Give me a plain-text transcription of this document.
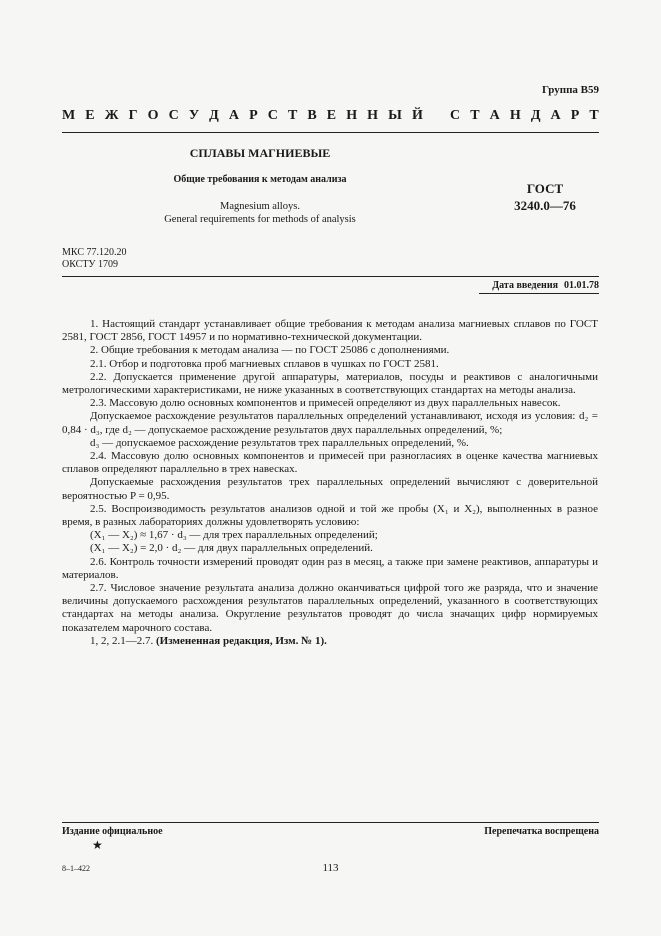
Группа В59
М Е Ж Г О С У Д А Р С Т В Е Н Н Ы Й
С Т А Н Д А Р Т
СПЛАВЫ МАГНИЕВЫЕ
Общие требования к методам анализа
Magnesium alloys.
General requirements for methods of analysis
ГОСТ
3240.0—76
МКС 77.120.20
ОКСТУ 1709
Дата введения 01.01.78

1. Настоящий стандарт устанавливает общие требования к методам анализа магниевых сплавов по ГОСТ 2581, ГОСТ 2856, ГОСТ 14957 и по нормативно-технической документации.

2. Общие требования к методам анализа — по ГОСТ 25086 с дополнениями.

2.1. Отбор и подготовка проб магниевых сплавов в чушках по ГОСТ 2581.

2.2. Допускается применение другой аппаратуры, материалов, посуды и реактивов с аналогичными метрологическими характеристиками, не ниже указанных в соответствующих стандартах на методы анализа.

2.3. Массовую долю основных компонентов и примесей определяют из двух параллельных навесок.

Допускаемое расхождение результатов параллельных определений устанавливают, исходя из условия: d₂ = 0,84 · d₃, где d₂ — допускаемое расхождение результатов двух параллельных определений, %;

d₃ — допускаемое расхождение результатов трех параллельных определений, %.

2.4. Массовую долю основных компонентов и примесей при разногласиях в оценке качества магниевых сплавов определяют параллельно в трех навесках.

Допускаемые расхождения результатов трех параллельных определений вычисляют с доверительной вероятностью P = 0,95.

2.5. Воспроизводимость результатов анализов одной и той же пробы (X₁ и X₂), выполненных в разное время, в разных лабораториях должны удовлетворять условию:

(X₁ — X₂) ≈ 1,67 · d₃ — для трех параллельных определений;

(X₁ — X₂) = 2,0 · d₂ — для двух параллельных определений.

2.6. Контроль точности измерений проводят один раз в месяц, а также при замене реактивов, аппаратуры и материалов.

2.7. Числовое значение результата анализа должно оканчиваться цифрой того же разряда, что и значение величины допускаемого расхождения результатов параллельных определений, указанного в соответствующих стандартах на методы анализа. Округление результатов проводят до числа значащих цифр нормируемых показателем марочного состава.

1, 2, 2.1—2.7. (Измененная редакция, Изм. № 1).

Издание официальное	Перепечатка воспрещена
★
8–1–422	113
